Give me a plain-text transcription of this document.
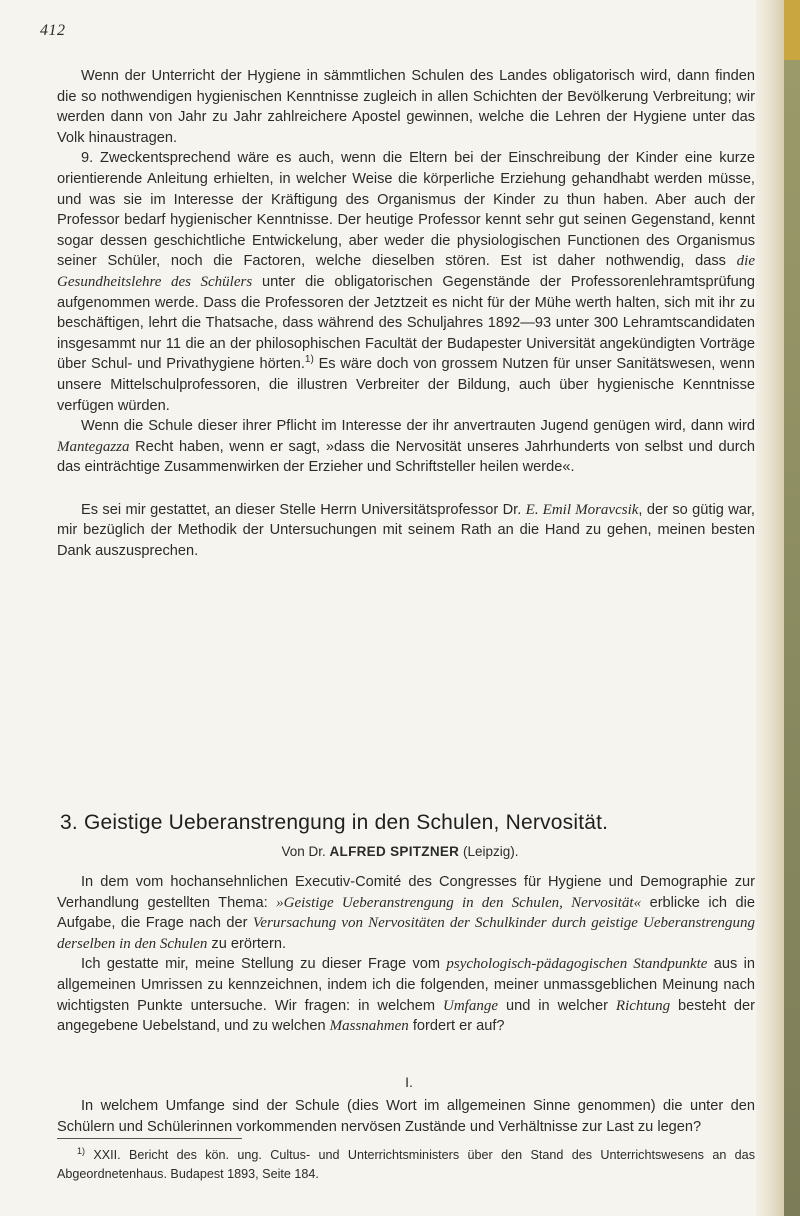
412

Wenn der Unterricht der Hygiene in sämmtlichen Schulen des Landes obligatorisch wird, dann finden die so nothwendigen hygienischen Kenntnisse zugleich in allen Schichten der Bevölkerung Verbreitung; wir werden dann von Jahr zu Jahr zahlreichere Apostel gewinnen, welche die Lehren der Hygiene unter das Volk hinaustragen.

9. Zweckentsprechend wäre es auch, wenn die Eltern bei der Einschreibung der Kinder eine kurze orientierende Anleitung erhielten, in welcher Weise die körperliche Erziehung gehandhabt werden müsse, und was sie im Interesse der Kräftigung des Organismus der Kinder zu thun haben. Aber auch der Professor bedarf hygienischer Kenntnisse. Der heutige Professor kennt sehr gut seinen Gegenstand, kennt sogar dessen geschichtliche Entwickelung, aber weder die physiologischen Functionen des Organismus seiner Schüler, noch die Factoren, welche dieselben stören. Est ist daher nothwendig, dass die Gesundheitslehre des Schülers unter die obligatorischen Gegenstände der Professorenlehramtsprüfung aufgenommen werde. Dass die Professoren der Jetztzeit es nicht für der Mühe werth halten, sich mit ihr zu beschäftigen, lehrt die Thatsache, dass während des Schuljahres 1892—93 unter 300 Lehramtscandidaten insgesammt nur 11 die an der philosophischen Facultät der Budapester Universität angekündigten Vorträge über Schul- und Privathygiene hörten.$^{1)}$ Es wäre doch von grossem Nutzen für unser Sanitätswesen, wenn unsere Mittelschulprofessoren, die illustren Verbreiter der Bildung, auch über hygienische Kenntnisse verfügen würden.

Wenn die Schule dieser ihrer Pflicht im Interesse der ihr anvertrauten Jugend genügen wird, dann wird Mantegazza Recht haben, wenn er sagt, »dass die Nervosität unseres Jahrhunderts von selbst und durch das einträchtige Zusammenwirken der Erzieher und Schriftsteller heilen werde«.

Es sei mir gestattet, an dieser Stelle Herrn Universitätsprofessor Dr. E. Emil Moravcsik, der so gütig war, mir bezüglich der Methodik der Untersuchungen mit seinem Rath an die Hand zu gehen, meinen besten Dank auszusprechen.

3. Geistige Ueberanstrengung in den Schulen, Nervosität.
Von Dr. ALFRED SPITZNER (Leipzig).

In dem vom hochansehnlichen Executiv-Comité des Congresses für Hygiene und Demographie zur Verhandlung gestellten Thema: »Geistige Ueberanstrengung in den Schulen, Nervosität« erblicke ich die Aufgabe, die Frage nach der Verursachung von Nervositäten der Schulkinder durch geistige Ueberanstrengung derselben in den Schulen zu erörtern.

Ich gestatte mir, meine Stellung zu dieser Frage vom psychologisch-pädagogischen Standpunkte aus in allgemeinen Umrissen zu kennzeichnen, indem ich die folgenden, meiner unmassgeblichen Meinung nach wichtigsten Punkte untersuche. Wir fragen: in welchem Umfange und in welcher Richtung besteht der angegebene Uebelstand, und zu welchen Massnahmen fordert er auf?

I.

In welchem Umfange sind der Schule (dies Wort im allgemeinen Sinne genommen) die unter den Schülern und Schülerinnen vorkommenden nervösen Zustände und Verhältnisse zur Last zu legen?

$^{1)}$ XXII. Bericht des kön. ung. Cultus- und Unterrichtsministers über den Stand des Unterrichtswesens an das Abgeordnetenhaus. Budapest 1893, Seite 184.
